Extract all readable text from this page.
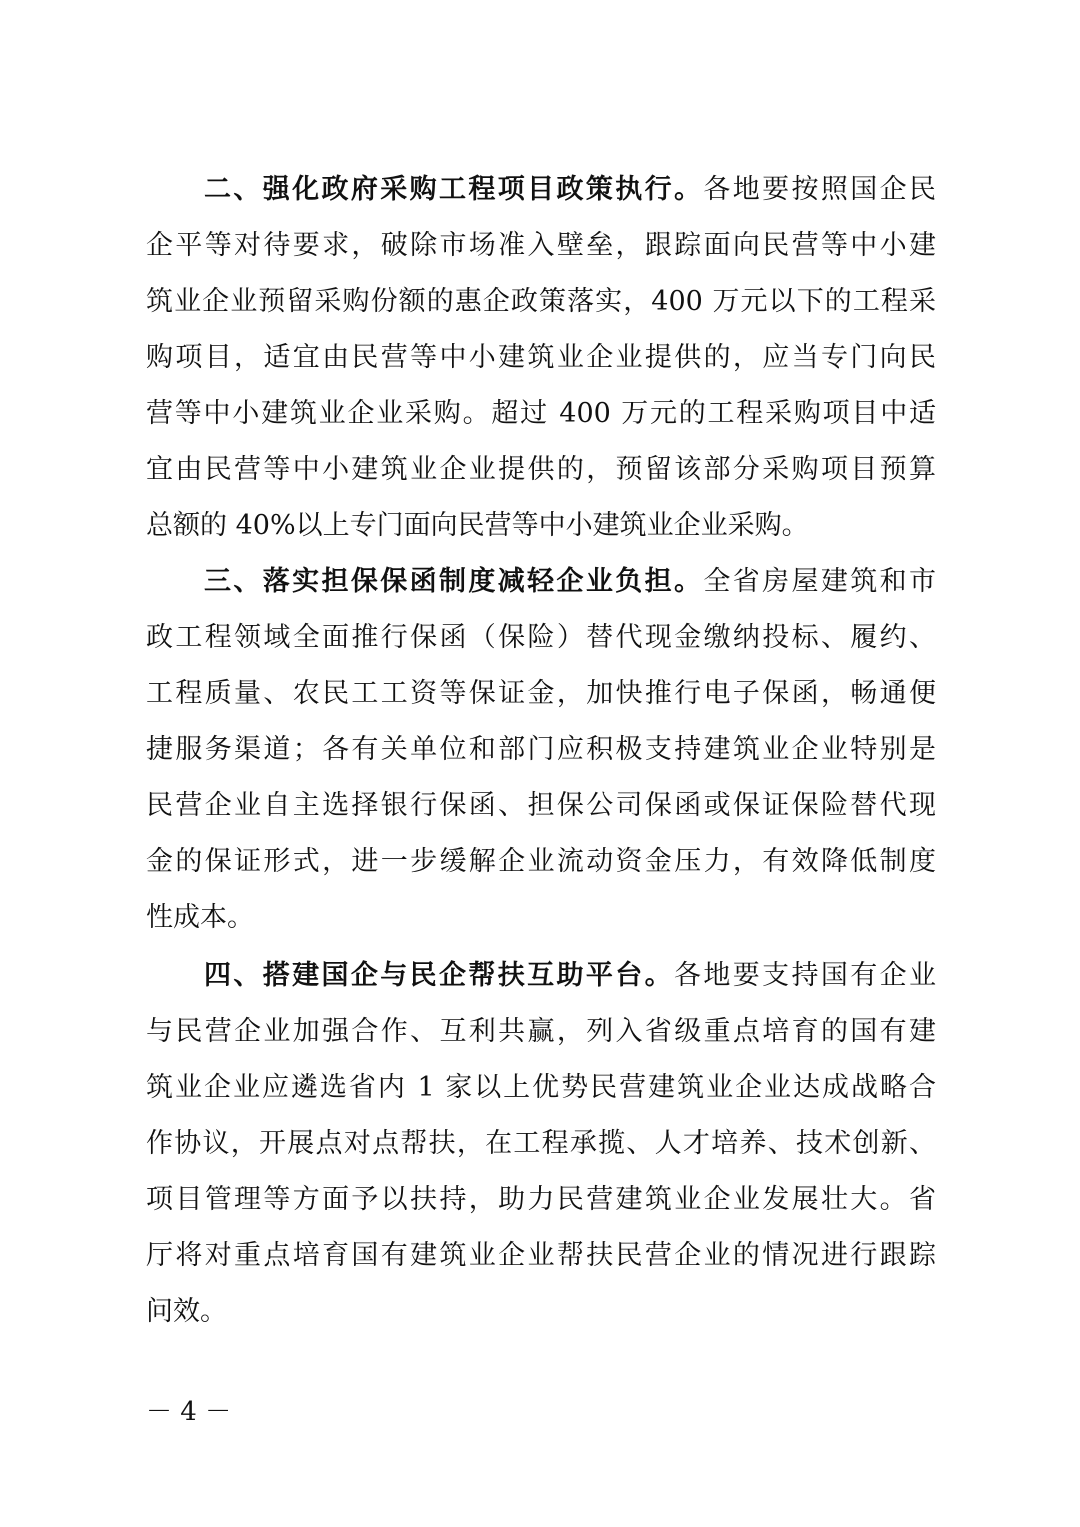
二、强化政府采购工程项目政策执行。各地要按照国企民
企平等对待要求，破除市场准入壁垒，跟踪面向民营等中小建
筑业企业预留采购份额的惠企政策落实，400 万元以下的工程采
购项目，适宜由民营等中小建筑业企业提供的，应当专门向民
营等中小建筑业企业采购。超过 400 万元的工程采购项目中适
宜由民营等中小建筑业企业提供的，预留该部分采购项目预算
总额的 40%以上专门面向民营等中小建筑业企业采购。
三、落实担保保函制度减轻企业负担。全省房屋建筑和市
政工程领域全面推行保函（保险）替代现金缴纳投标、履约、
工程质量、农民工工资等保证金，加快推行电子保函，畅通便
捷服务渠道；各有关单位和部门应积极支持建筑业企业特别是
民营企业自主选择银行保函、担保公司保函或保证保险替代现
金的保证形式，进一步缓解企业流动资金压力，有效降低制度
性成本。
四、搭建国企与民企帮扶互助平台。各地要支持国有企业
与民营企业加强合作、互利共赢，列入省级重点培育的国有建
筑业企业应遴选省内 1 家以上优势民营建筑业企业达成战略合
作协议，开展点对点帮扶，在工程承揽、人才培养、技术创新、
项目管理等方面予以扶持，助力民营建筑业企业发展壮大。省
厅将对重点培育国有建筑业企业帮扶民营企业的情况进行跟踪
问效。
－ 4 －
